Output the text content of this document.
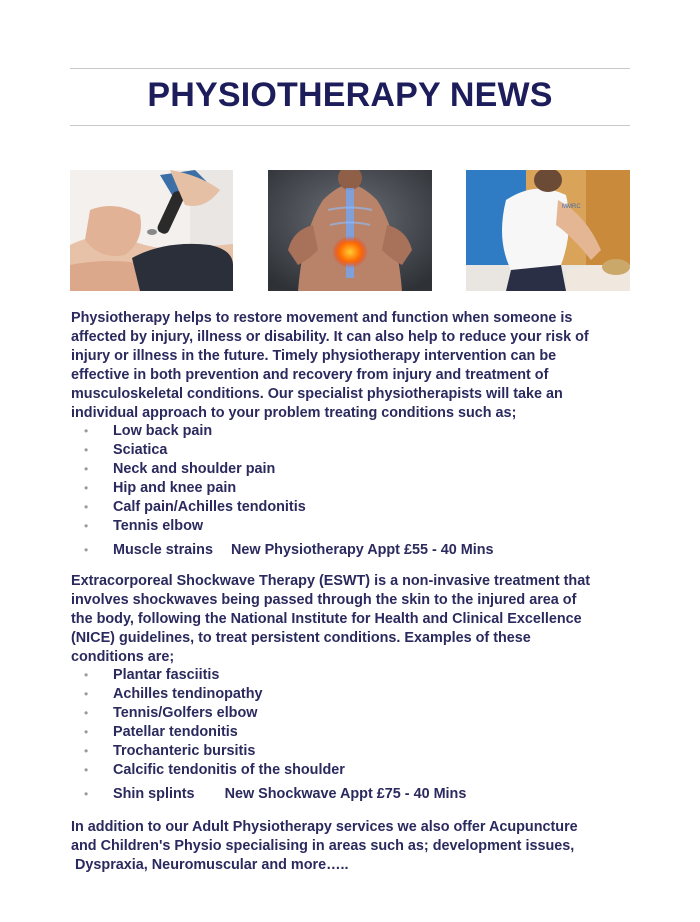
PHYSIOTHERAPY NEWS
MMRC
Physiotherapy helps to restore movement and function when someone is
affected by injury, illness or disability. It can also help to reduce your risk of
injury or illness in the future. Timely physiotherapy intervention can be
effective in both prevention and recovery from injury and treatment of
musculoskeletal conditions. Our specialist physiotherapists will take an
individual approach to your problem treating conditions such as;
• Low back pain
• Sciatica
• Neck and shoulder pain
• Hip and knee pain
• Calf pain/Achilles tendonitis
• Tennis elbow
• Muscle strains New Physiotherapy Appt £55 - 40 Mins
Extracorporeal Shockwave Therapy (ESWT) is a non-invasive treatment that
involves shockwaves being passed through the skin to the injured area of
the body, following the National Institute for Health and Clinical Excellence
(NICE) guidelines, to treat persistent conditions. Examples of these
conditions are;
• Plantar fasciitis
• Achilles tendinopathy
• Tennis/Golfers elbow
• Patellar tendonitis
• Trochanteric bursitis
• Calcific tendonitis of the shoulder
• Shin splints New Shockwave Appt £75 - 40 Mins
In addition to our Adult Physiotherapy services we also offer Acupuncture
and Children's Physio specialising in areas such as; development issues,
Dyspraxia, Neuromuscular and more…..
